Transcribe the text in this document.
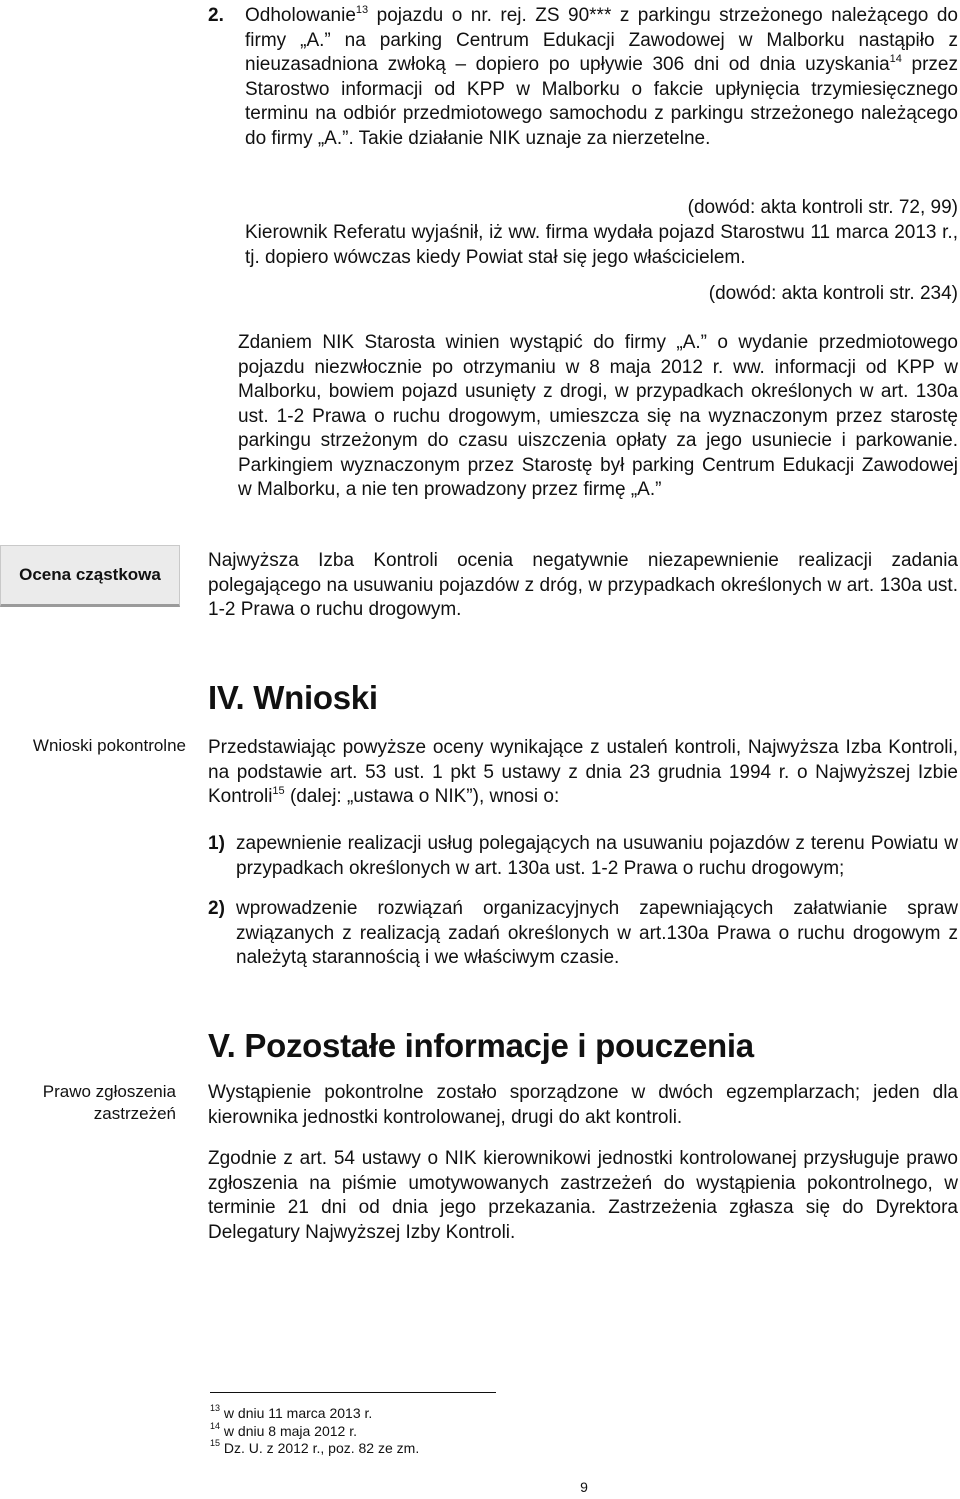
2. Odholowanie$^{13}$ pojazdu o nr. rej. ZS 90*** z parkingu strzeżonego należącego do firmy „A.” na parking Centrum Edukacji Zawodowej w Malborku nastąpiło z nieuzasadniona zwłoką – dopiero po upływie 306 dni od dnia uzyskania$^{14}$ przez Starostwo informacji od KPP w Malborku o fakcie upłynięcia trzymiesięcznego terminu na odbiór przedmiotowego samochodu z parkingu strzeżonego należącego do firmy „A.”. Takie działanie NIK uznaje za nierzetelne.

(dowód: akta kontroli str. 72, 99)

Kierownik Referatu wyjaśnił, iż ww. firma wydała pojazd Starostwu 11 marca 2013 r., tj. dopiero wówczas kiedy Powiat stał się jego właścicielem.

(dowód: akta kontroli str. 234)

Zdaniem NIK Starosta winien wystąpić do firmy „A.” o wydanie przedmiotowego pojazdu niezwłocznie po otrzymaniu w 8 maja 2012 r. ww. informacji od KPP w Malborku, bowiem pojazd usunięty z drogi, w przypadkach określonych w art. 130a ust. 1-2 Prawa o ruchu drogowym, umieszcza się na wyznaczonym przez starostę parkingu strzeżonym do czasu uiszczenia opłaty za jego usuniecie i parkowanie. Parkingiem wyznaczonym przez Starostę był parking Centrum Edukacji Zawodowej w Malborku, a nie ten prowadzony przez firmę „A.”

Ocena cząstkowa

Najwyższa Izba Kontroli ocenia negatywnie niezapewnienie realizacji zadania polegającego na usuwaniu pojazdów z dróg, w przypadkach określonych w art. 130a ust. 1-2 Prawa o ruchu drogowym.

IV. Wnioski
Wnioski pokontrolne Przedstawiając powyższe oceny wynikające z ustaleń kontroli, Najwyższa Izba Kontroli, na podstawie art. 53 ust. 1 pkt 5 ustawy z dnia 23 grudnia 1994 r. o Najwyższej Izbie Kontroli$^{15}$ (dalej: „ustawa o NIK”), wnosi o:

1) zapewnienie realizacji usług polegających na usuwaniu pojazdów z terenu Powiatu w przypadkach określonych w art. 130a ust. 1-2 Prawa o ruchu drogowym;

2) wprowadzenie rozwiązań organizacyjnych zapewniających załatwianie spraw związanych z realizacją zadań określonych w art.130a Prawa o ruchu drogowym z należytą starannością i we właściwym czasie.

V. Pozostałe informacje i pouczenia
Prawo zgłoszenia zastrzeżeń

Wystąpienie pokontrolne zostało sporządzone w dwóch egzemplarzach; jeden dla kierownika jednostki kontrolowanej, drugi do akt kontroli.

Zgodnie z art. 54 ustawy o NIK kierownikowi jednostki kontrolowanej przysługuje prawo zgłoszenia na piśmie umotywowanych zastrzeżeń do wystąpienia pokontrolnego, w terminie 21 dni od dnia jego przekazania. Zastrzeżenia zgłasza się do Dyrektora Delegatury Najwyższej Izby Kontroli.

$^{13}$ w dniu 11 marca 2013 r.
$^{14}$ w dniu 8 maja 2012 r.
$^{15}$ Dz. U. z 2012 r., poz. 82 ze zm.
9
